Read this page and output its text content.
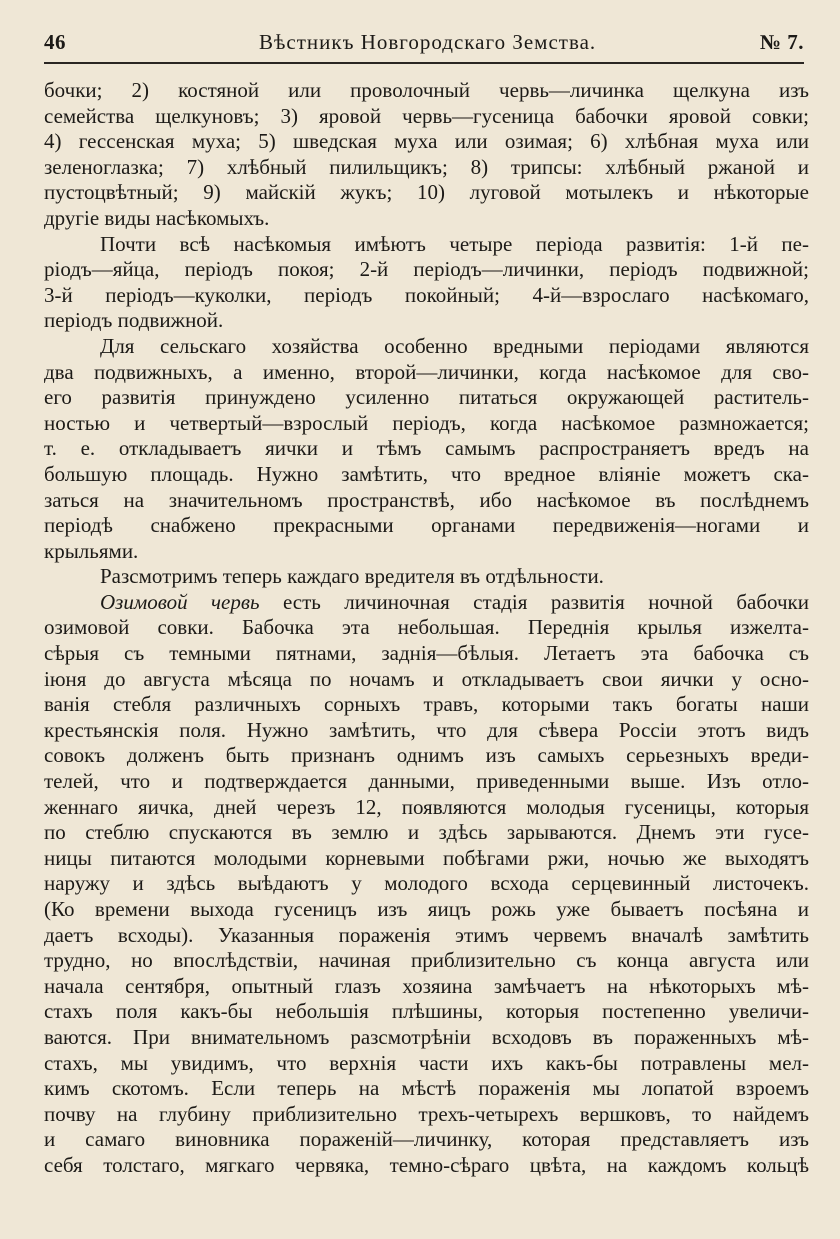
46	Вѣстникъ Новгородскаго Земства.	№ 7.
бочки; 2) костяной или проволочный червь—личинка щелкуна изъ
семейства щелкуновъ; 3) яровой червь—гусеница бабочки яровой совки;
4) гессенская муха; 5) шведская муха или озимая; 6) хлѣбная муха или
зеленоглазка; 7) хлѣбный пилильщикъ; 8) трипсы: хлѣбный ржаной и
пустоцвѣтный; 9) майскій жукъ; 10) луговой мотылекъ и нѣкоторые
другіе виды насѣкомыхъ.
Почти всѣ насѣкомыя имѣютъ четыре періода развитія: 1-й пе-
ріодъ—яйца, періодъ покоя; 2-й періодъ—личинки, періодъ подвижной;
3-й періодъ—куколки, періодъ покойный; 4-й—взрослаго насѣкомаго,
періодъ подвижной.
Для сельскаго хозяйства особенно вредными періодами являются
два подвижныхъ, а именно, второй—личинки, когда насѣкомое для сво-
его развитія принуждено усиленно питаться окружающей раститель-
ностью и четвертый—взрослый періодъ, когда насѣкомое размножается;
т. е. откладываетъ яички и тѣмъ самымъ распространяетъ вредъ на
большую площадь. Нужно замѣтить, что вредное вліяніе можетъ ска-
заться на значительномъ пространствѣ, ибо насѣкомое въ послѣднемъ
періодѣ снабжено прекрасными органами передвиженія—ногами и
крыльями.
Разсмотримъ теперь каждаго вредителя въ отдѣльности.
Озимовой червь есть личиночная стадія развитія ночной бабочки
озимовой совки. Бабочка эта небольшая. Переднія крылья изжелта-
сѣрыя съ темными пятнами, заднія—бѣлыя. Летаетъ эта бабочка съ
іюня до августа мѣсяца по ночамъ и откладываетъ свои яички у осно-
ванія стебля различныхъ сорныхъ травъ, которыми такъ богаты наши
крестьянскія поля. Нужно замѣтить, что для сѣвера Россіи этотъ видъ
совокъ долженъ быть признанъ однимъ изъ самыхъ серьезныхъ вреди-
телей, что и подтверждается данными, приведенными выше. Изъ отло-
женнаго яичка, дней черезъ 12, появляются молодыя гусеницы, которыя
по стеблю спускаются въ землю и здѣсь зарываются. Днемъ эти гусе-
ницы питаются молодыми корневыми побѣгами ржи, ночью же выходятъ
наружу и здѣсь выѣдаютъ у молодого всхода серцевинный листочекъ.
(Ко времени выхода гусеницъ изъ яицъ рожь уже бываетъ посѣяна и
даетъ всходы). Указанныя пораженія этимъ червемъ вначалѣ замѣтить
трудно, но впослѣдствіи, начиная приблизительно съ конца августа или
начала сентября, опытный глазъ хозяина замѣчаетъ на нѣкоторыхъ мѣ-
стахъ поля какъ-бы небольшія плѣшины, которыя постепенно увеличи-
ваются. При внимательномъ разсмотрѣніи всходовъ въ пораженныхъ мѣ-
стахъ, мы увидимъ, что верхнія части ихъ какъ-бы потравлены мел-
кимъ скотомъ. Если теперь на мѣстѣ пораженія мы лопатой взроемъ
почву на глубину приблизительно трехъ-четырехъ вершковъ, то найдемъ
и самаго виновника пораженій—личинку, которая представляетъ изъ
себя толстаго, мягкаго червяка, темно-сѣраго цвѣта, на каждомъ кольцѣ
